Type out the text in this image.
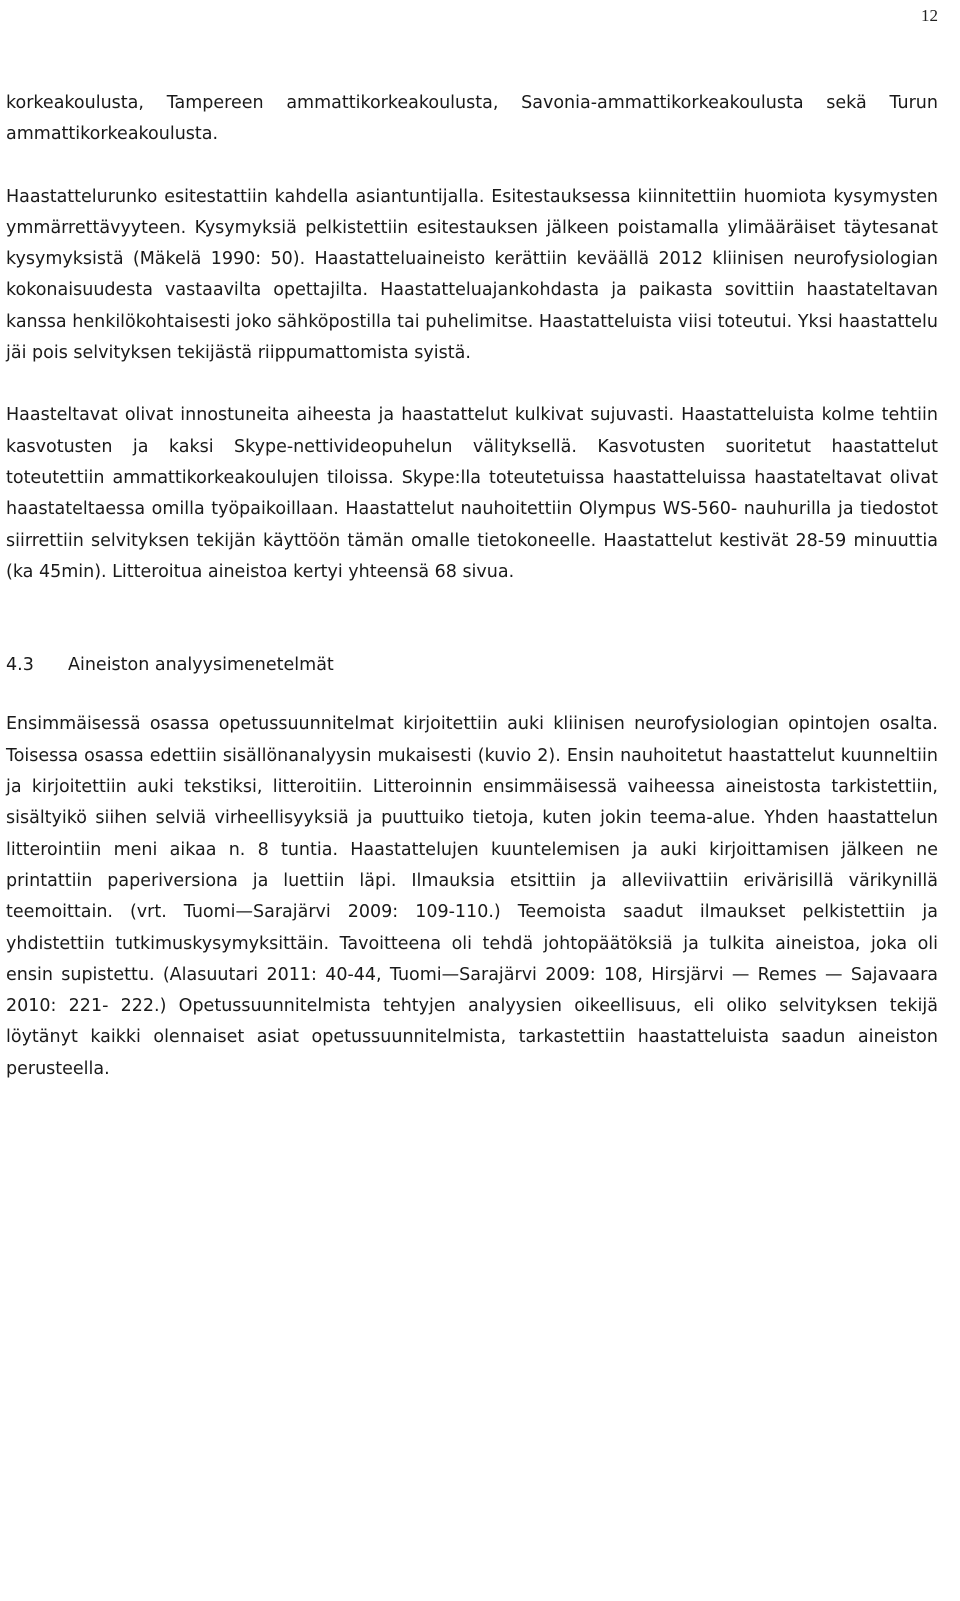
12

korkeakoulusta, Tampereen ammattikorkeakoulusta, Savonia-ammattikorkeakoulusta sekä Turun ammattikorkeakoulusta.

Haastattelurunko esitestattiin kahdella asiantuntijalla. Esitestauksessa kiinnitettiin huomiota kysymysten ymmärrettävyyteen. Kysymyksiä pelkistettiin esitestauksen jälkeen poistamalla ylimääräiset täytesanat kysymyksistä (Mäkelä 1990: 50). Haastatteluaineisto kerättiin keväällä 2012 kliinisen neurofysiologian kokonaisuudesta vastaavilta opettajilta. Haastatteluajankohdasta ja paikasta sovittiin haastateltavan kanssa henkilökohtaisesti joko sähköpostilla tai puhelimitse. Haastatteluista viisi toteutui. Yksi haastattelu jäi pois selvityksen tekijästä riippumattomista syistä.

Haasteltavat olivat innostuneita aiheesta ja haastattelut kulkivat sujuvasti. Haastatteluista kolme tehtiin kasvotusten ja kaksi Skype-nettivideopuhelun välityksellä. Kasvotusten suoritetut haastattelut toteutettiin ammattikorkeakoulujen tiloissa. Skype:lla toteutetuissa haastatteluissa haastateltavat olivat haastateltaessa omilla työpaikoillaan. Haastattelut nauhoitettiin Olympus WS-560- nauhurilla ja tiedostot siirrettiin selvityksen tekijän käyttöön tämän omalle tietokoneelle. Haastattelut kestivät 28-59 minuuttia (ka 45min). Litteroitua aineistoa kertyi yhteensä 68 sivua.

4.3	Aineiston analyysimenetelmät

Ensimmäisessä osassa opetussuunnitelmat kirjoitettiin auki kliinisen neurofysiologian opintojen osalta. Toisessa osassa edettiin sisällönanalyysin mukaisesti (kuvio 2). Ensin nauhoitetut haastattelut kuunneltiin ja kirjoitettiin auki tekstiksi, litteroitiin. Litteroinnin ensimmäisessä vaiheessa aineistosta tarkistettiin, sisältyikö siihen selviä virheellisyyksiä ja puuttuiko tietoja, kuten jokin teema-alue. Yhden haastattelun litterointiin meni aikaa n. 8 tuntia. Haastattelujen kuuntelemisen ja auki kirjoittamisen jälkeen ne printattiin paperiversiona ja luettiin läpi. Ilmauksia etsittiin ja alleviivattiin erivärisillä värikynillä teemoittain. (vrt. Tuomi—Sarajärvi 2009: 109-110.) Teemoista saadut ilmaukset pelkistettiin ja yhdistettiin tutkimuskysymyksittäin. Tavoitteena oli tehdä johtopäätöksiä ja tulkita aineistoa, joka oli ensin supistettu. (Alasuutari 2011: 40-44, Tuomi—Sarajärvi 2009: 108, Hirsjärvi — Remes — Sajavaara 2010: 221- 222.) Opetussuunnitelmista tehtyjen analyysien oikeellisuus, eli oliko selvityksen tekijä löytänyt kaikki olennaiset asiat opetussuunnitelmista, tarkastettiin haastatteluista saadun aineiston perusteella.
